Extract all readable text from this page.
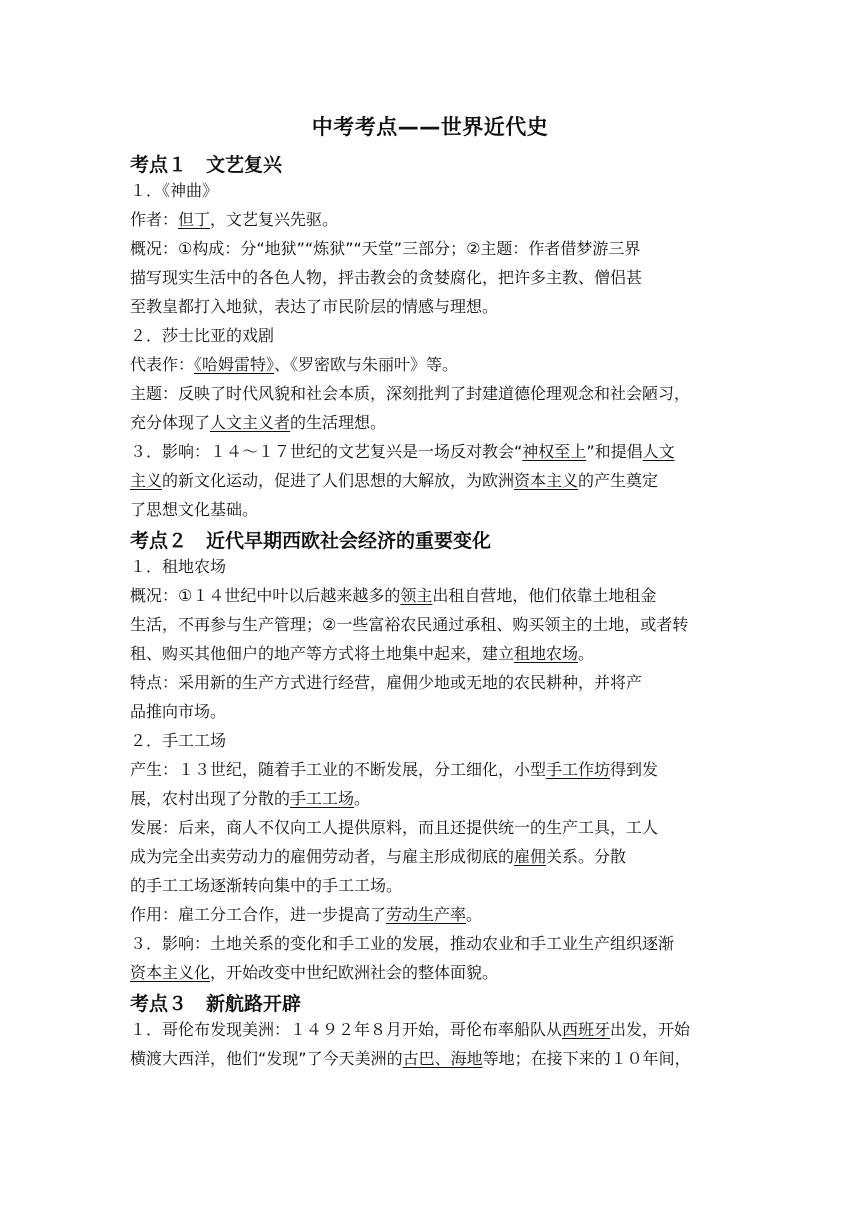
中考考点——世界近代史
考点１　文艺复兴
１．《神曲》
作者：但丁，文艺复兴先驱。
概况：①构成：分“地狱”“炼狱”“天堂”三部分；②主题：作者借梦游三界
描写现实生活中的各色人物，抨击教会的贪婪腐化，把许多主教、僧侣甚
至教皇都打入地狱，表达了市民阶层的情感与理想。
２．莎士比亚的戏剧
代表作：《哈姆雷特》、《罗密欧与朱丽叶》等。
主题：反映了时代风貌和社会本质，深刻批判了封建道德伦理观念和社会陋习，
充分体现了人文主义者的生活理想。
３．影响：１４～１７世纪的文艺复兴是一场反对教会“神权至上”和提倡人文
主义的新文化运动，促进了人们思想的大解放，为欧洲资本主义的产生奠定
了思想文化基础。
考点２　近代早期西欧社会经济的重要变化
１．租地农场
概况：①１４世纪中叶以后越来越多的领主出租自营地，他们依靠土地租金
生活，不再参与生产管理；②一些富裕农民通过承租、购买领主的土地，或者转
租、购买其他佃户的地产等方式将土地集中起来，建立租地农场。
特点：采用新的生产方式进行经营，雇佣少地或无地的农民耕种，并将产
品推向市场。
２．手工工场
产生：１３世纪，随着手工业的不断发展，分工细化，小型手工作坊得到发
展，农村出现了分散的手工工场。
发展：后来，商人不仅向工人提供原料，而且还提供统一的生产工具，工人
成为完全出卖劳动力的雇佣劳动者，与雇主形成彻底的雇佣关系。分散
的手工工场逐渐转向集中的手工工场。
作用：雇工分工合作，进一步提高了劳动生产率。
３．影响：土地关系的变化和手工业的发展，推动农业和手工业生产组织逐渐
资本主义化，开始改变中世纪欧洲社会的整体面貌。
考点３　新航路开辟
１．哥伦布发现美洲：１４９２年８月开始，哥伦布率船队从西班牙出发，开始
横渡大西洋，他们“发现”了今天美洲的古巴、海地等地；在接下来的１０年间，
